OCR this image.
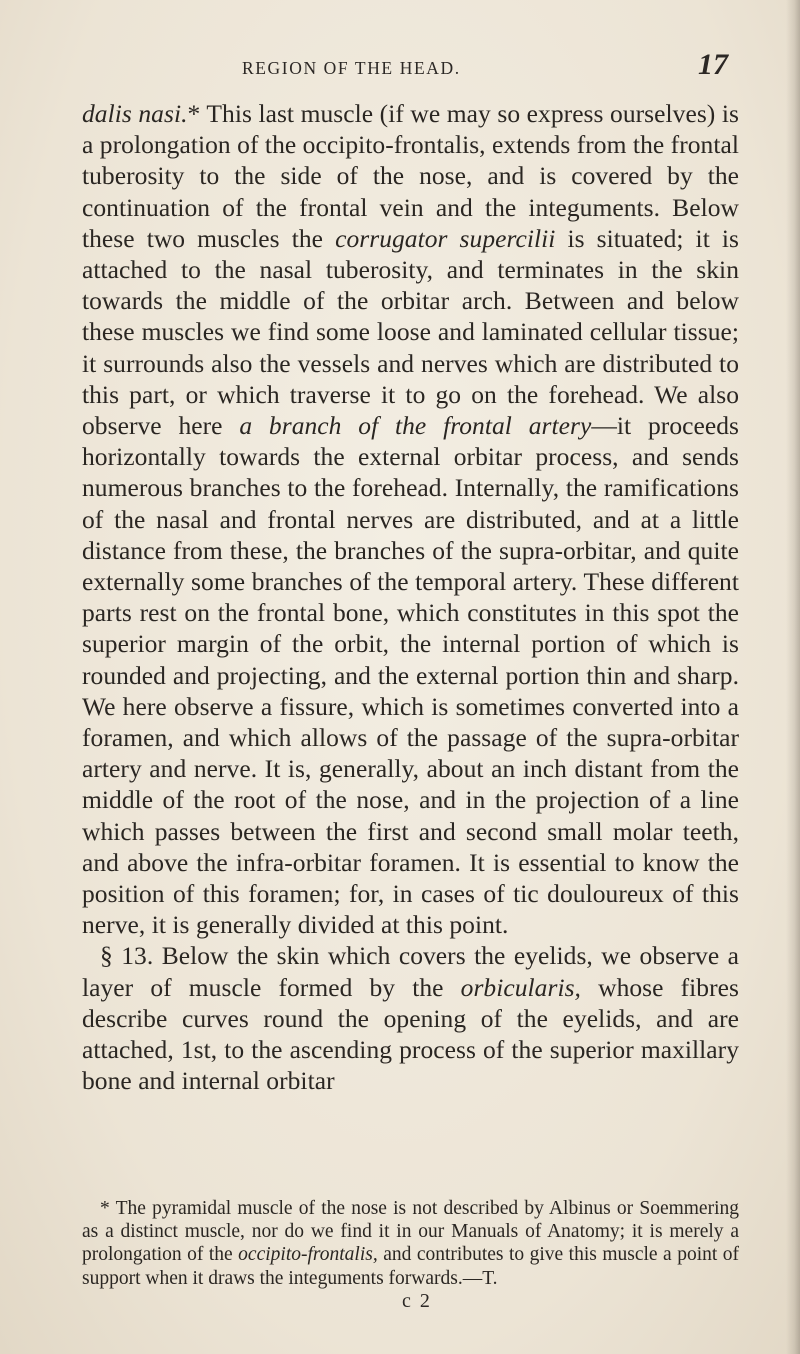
REGION OF THE HEAD.	17

dalis nasi.* This last muscle (if we may so express ourselves) is a prolongation of the occipito-frontalis, extends from the frontal tuberosity to the side of the nose, and is covered by the continuation of the frontal vein and the integuments. Below these two muscles the corrugator supercilii is situated; it is attached to the nasal tuberosity, and terminates in the skin towards the middle of the orbitar arch. Between and below these muscles we find some loose and laminated cellular tissue; it surrounds also the vessels and nerves which are distributed to this part, or which traverse it to go on the forehead. We also observe here a branch of the frontal artery—it proceeds horizontally towards the external orbitar process, and sends numerous branches to the forehead. Internally, the ramifications of the nasal and frontal nerves are distributed, and at a little distance from these, the branches of the supra-orbitar, and quite externally some branches of the temporal artery. These different parts rest on the frontal bone, which constitutes in this spot the superior margin of the orbit, the internal portion of which is rounded and projecting, and the external portion thin and sharp. We here observe a fissure, which is sometimes converted into a foramen, and which allows of the passage of the supra-orbitar artery and nerve. It is, generally, about an inch distant from the middle of the root of the nose, and in the projection of a line which passes between the first and second small molar teeth, and above the infra-orbitar foramen. It is essential to know the position of this foramen; for, in cases of tic douloureux of this nerve, it is generally divided at this point.

§ 13. Below the skin which covers the eyelids, we observe a layer of muscle formed by the orbicularis, whose fibres describe curves round the opening of the eyelids, and are attached, 1st, to the ascending process of the superior maxillary bone and internal orbitar

* The pyramidal muscle of the nose is not described by Albinus or Soemmering as a distinct muscle, nor do we find it in our Manuals of Anatomy; it is merely a prolongation of the occipito-frontalis, and contributes to give this muscle a point of support when it draws the integuments forwards.—T.

c 2
